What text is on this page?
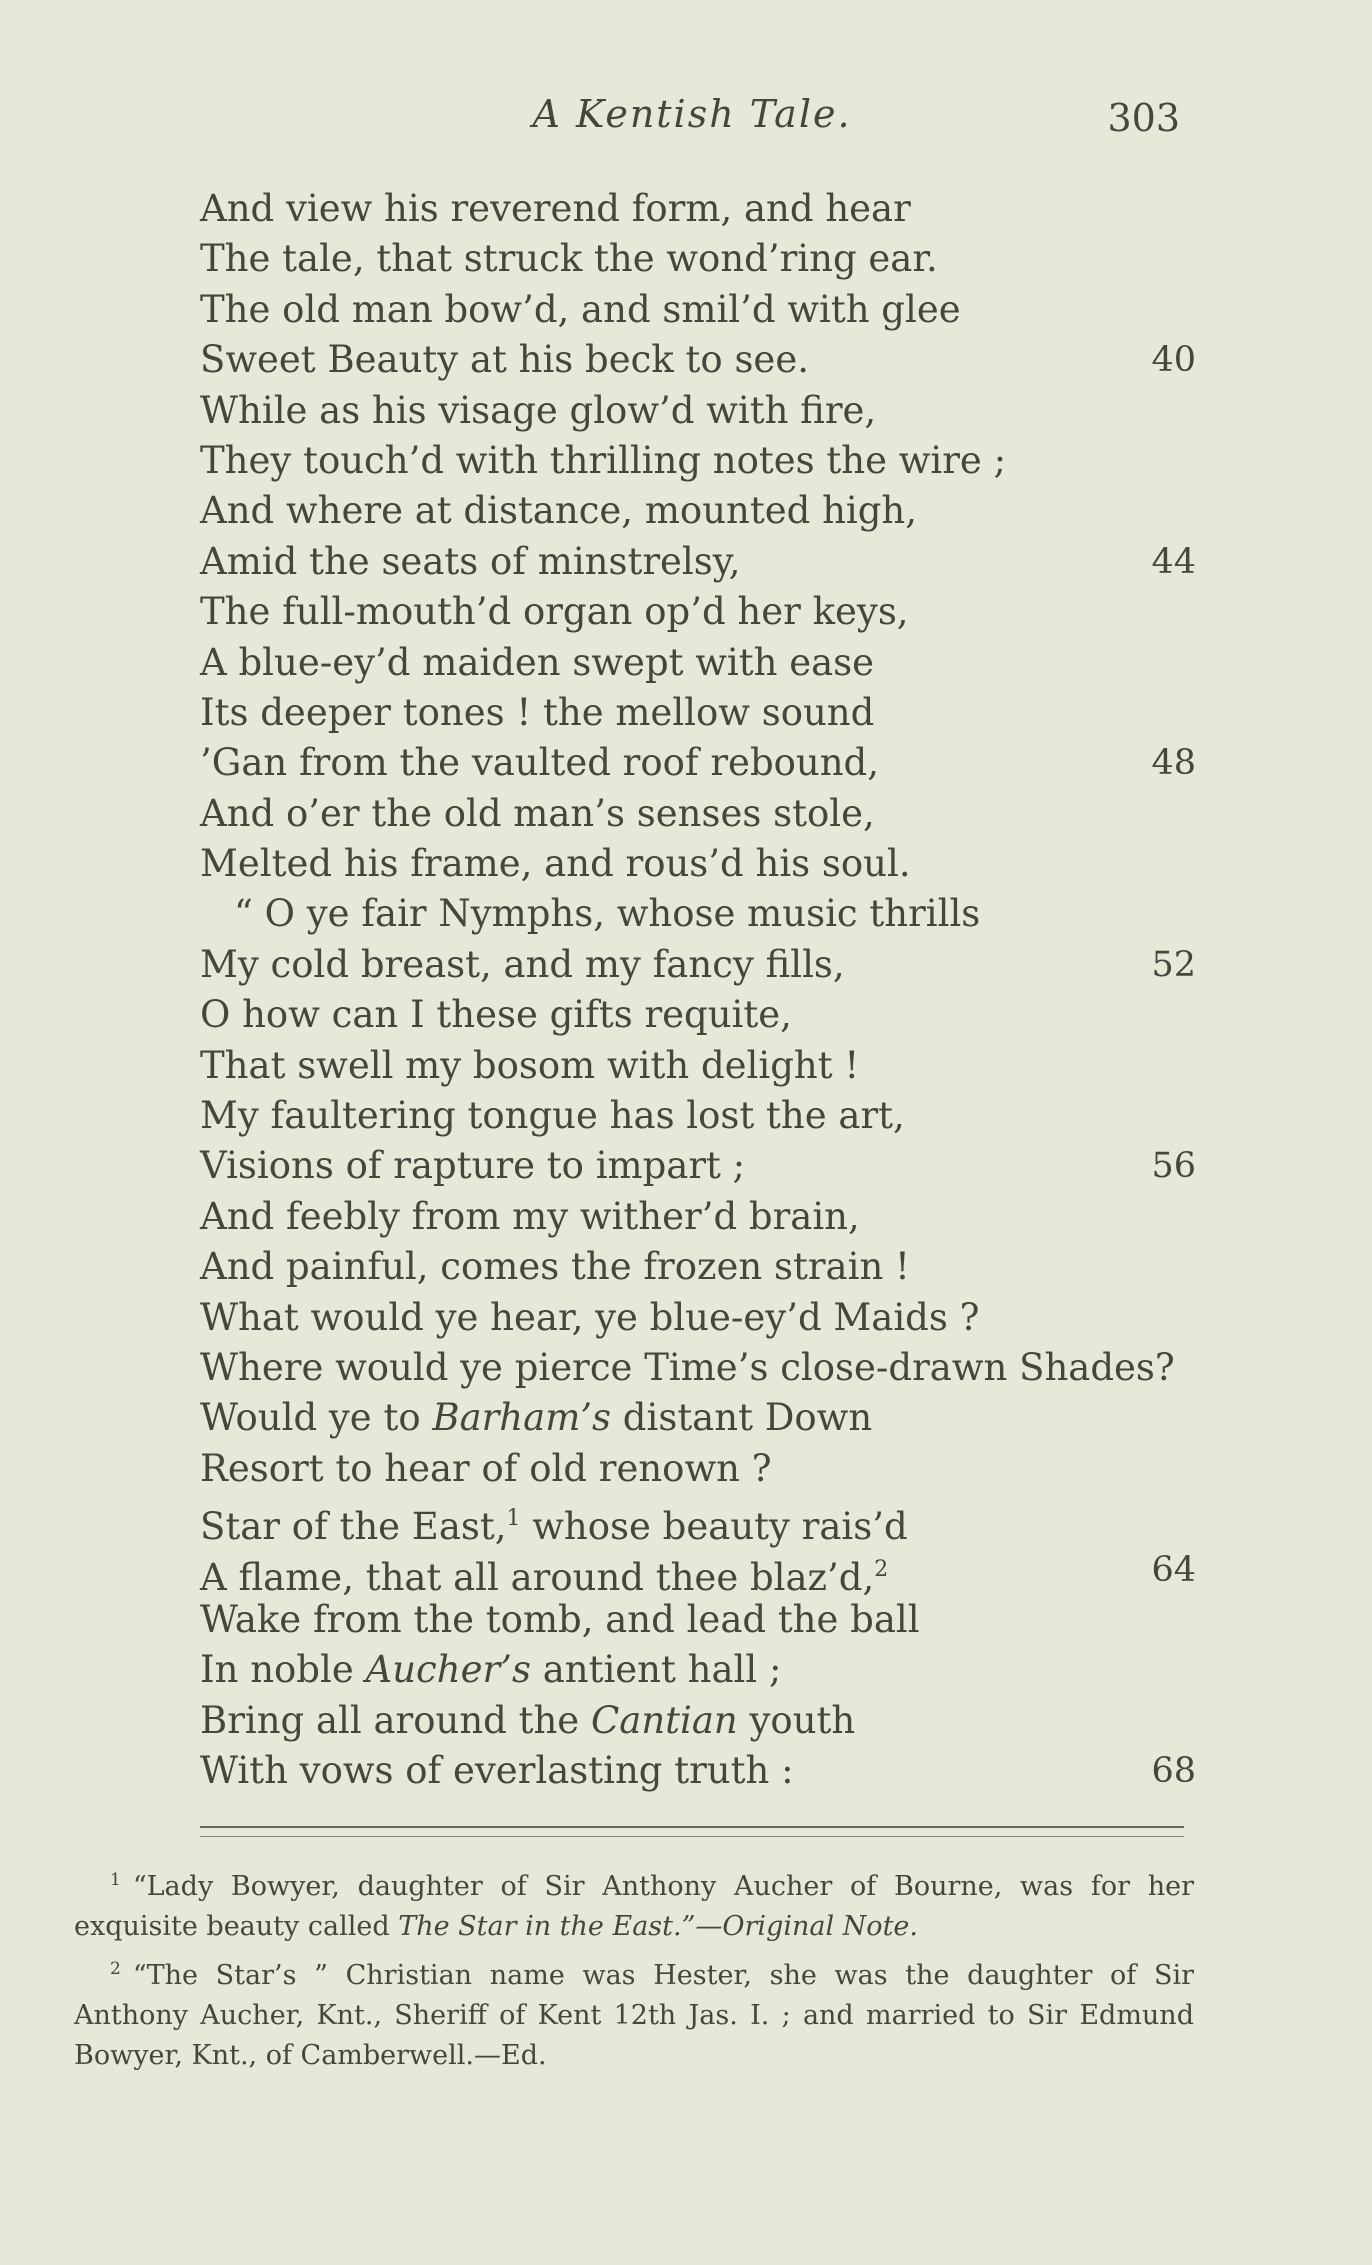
A Kentish Tale.	303
And view his reverend form, and hear
The tale, that struck the wond’ring ear.
The old man bow’d, and smil’d with glee
Sweet Beauty at his beck to see.	40
While as his visage glow’d with fire,
They touch’d with thrilling notes the wire ;
And where at distance, mounted high,
Amid the seats of minstrelsy,	44
The full-mouth’d organ op’d her keys,
A blue-ey’d maiden swept with ease
Its deeper tones ! the mellow sound
’Gan from the vaulted roof rebound,	48
And o’er the old man’s senses stole,
Melted his frame, and rous’d his soul.
“ O ye fair Nymphs, whose music thrills
My cold breast, and my fancy fills,	52
O how can I these gifts requite,
That swell my bosom with delight !
My faultering tongue has lost the art,
Visions of rapture to impart ;	56
And feebly from my wither’d brain,
And painful, comes the frozen strain !
What would ye hear, ye blue-ey’d Maids ?
Where would ye pierce Time’s close-drawn Shades?
Would ye to Barham’s distant Down
Resort to hear of old renown ?
Star of the East,$^1$ whose beauty rais’d
A flame, that all around thee blaz’d,$^2$	64
Wake from the tomb, and lead the ball
In noble Aucher’s antient hall ;
Bring all around the Cantian youth
With vows of everlasting truth :	68

$^1$ “Lady Bowyer, daughter of Sir Anthony Aucher of Bourne, was for her exquisite beauty called The Star in the East.”—Original Note.

$^2$ “The Star’s ” Christian name was Hester, she was the daughter of Sir Anthony Aucher, Knt., Sheriff of Kent 12th Jas. I. ; and married to Sir Edmund Bowyer, Knt., of Camberwell.—Ed.
